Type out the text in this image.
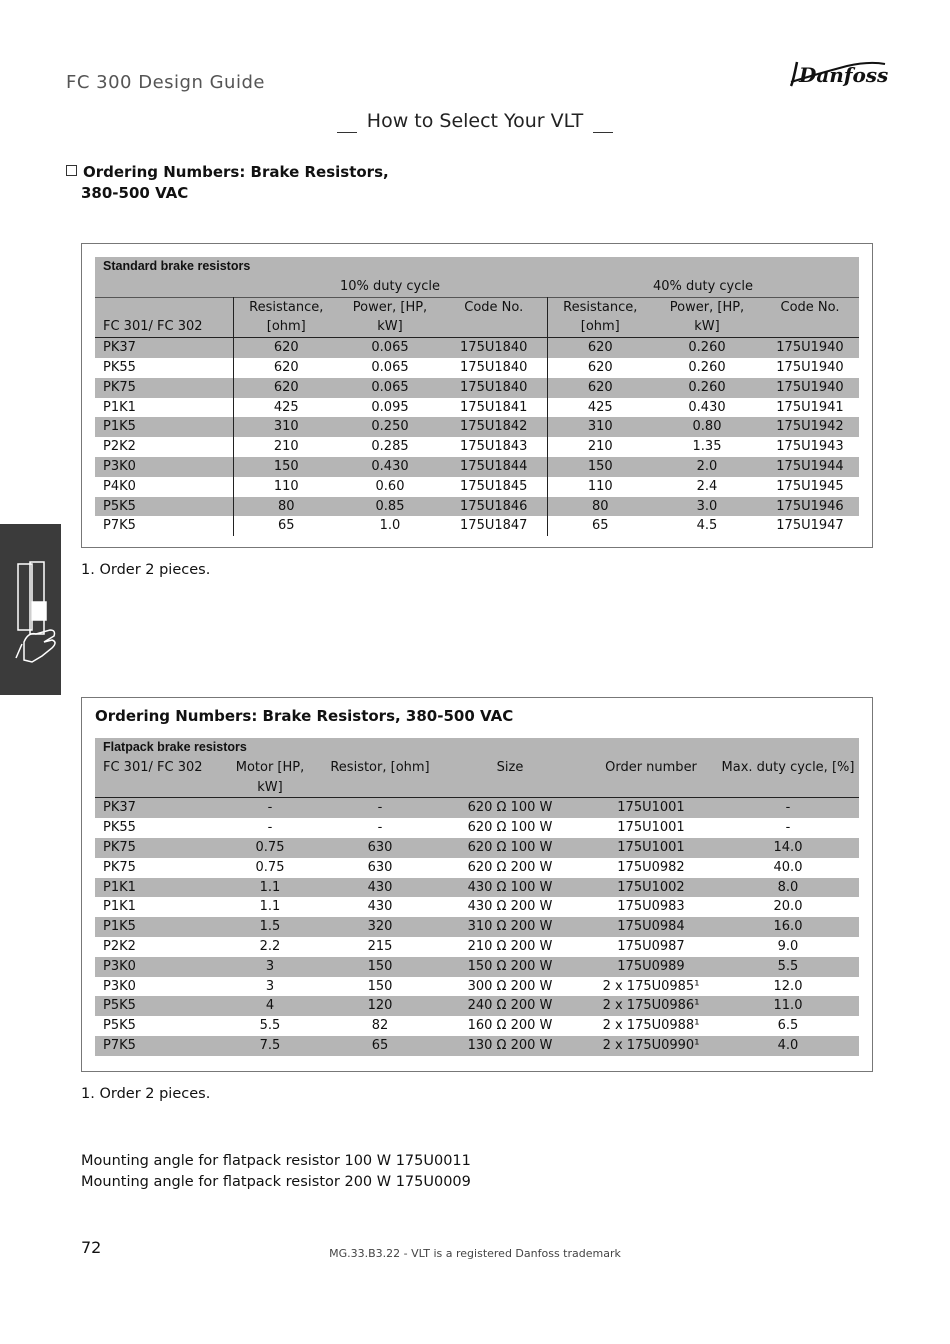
FC 300 Design Guide	Danfoss
How to Select Your VLT
Ordering Numbers: Brake Resistors,
380-500 VAC
Standard brake resistors						
	10% duty cycle			40% duty cycle		
	Resistance,	Power, [HP,	Code No.	Resistance,	Power, [HP,	Code No.
FC 301/ FC 302	[ohm]	kW]		[ohm]	kW]	
PK37	620	0.065	175U1840	620	0.260	175U1940
PK55	620	0.065	175U1840	620	0.260	175U1940
PK75	620	0.065	175U1840	620	0.260	175U1940
P1K1	425	0.095	175U1841	425	0.430	175U1941
P1K5	310	0.250	175U1842	310	0.80	175U1942
P2K2	210	0.285	175U1843	210	1.35	175U1943
P3K0	150	0.430	175U1844	150	2.0	175U1944
P4K0	110	0.60	175U1845	110	2.4	175U1945
P5K5	80	0.85	175U1846	80	3.0	175U1946
P7K5	65	1.0	175U1847	65	4.5	175U1947
1. Order 2 pieces.
Ordering Numbers: Brake Resistors, 380-500 VAC
Flatpack brake resistors					
FC 301/ FC 302	Motor [HP,	Resistor, [ohm]	Size	Order number	Max. duty cycle, [%]
	kW]				
PK37	-	-	620 Ω 100 W	175U1001	-
PK55	-	-	620 Ω 100 W	175U1001	-
PK75	0.75	630	620 Ω 100 W	175U1001	14.0
PK75	0.75	630	620 Ω 200 W	175U0982	40.0
P1K1	1.1	430	430 Ω 100 W	175U1002	8.0
P1K1	1.1	430	430 Ω 200 W	175U0983	20.0
P1K5	1.5	320	310 Ω 200 W	175U0984	16.0
P2K2	2.2	215	210 Ω 200 W	175U0987	9.0
P3K0	3	150	150 Ω 200 W	175U0989	5.5
P3K0	3	150	300 Ω 200 W	2 x 175U0985¹	12.0
P5K5	4	120	240 Ω 200 W	2 x 175U0986¹	11.0
P5K5	5.5	82	160 Ω 200 W	2 x 175U0988¹	6.5
P7K5	7.5	65	130 Ω 200 W	2 x 175U0990¹	4.0
1. Order 2 pieces.
Mounting angle for flatpack resistor 100 W 175U0011
Mounting angle for flatpack resistor 200 W 175U0009
72	MG.33.B3.22 - VLT is a registered Danfoss trademark
